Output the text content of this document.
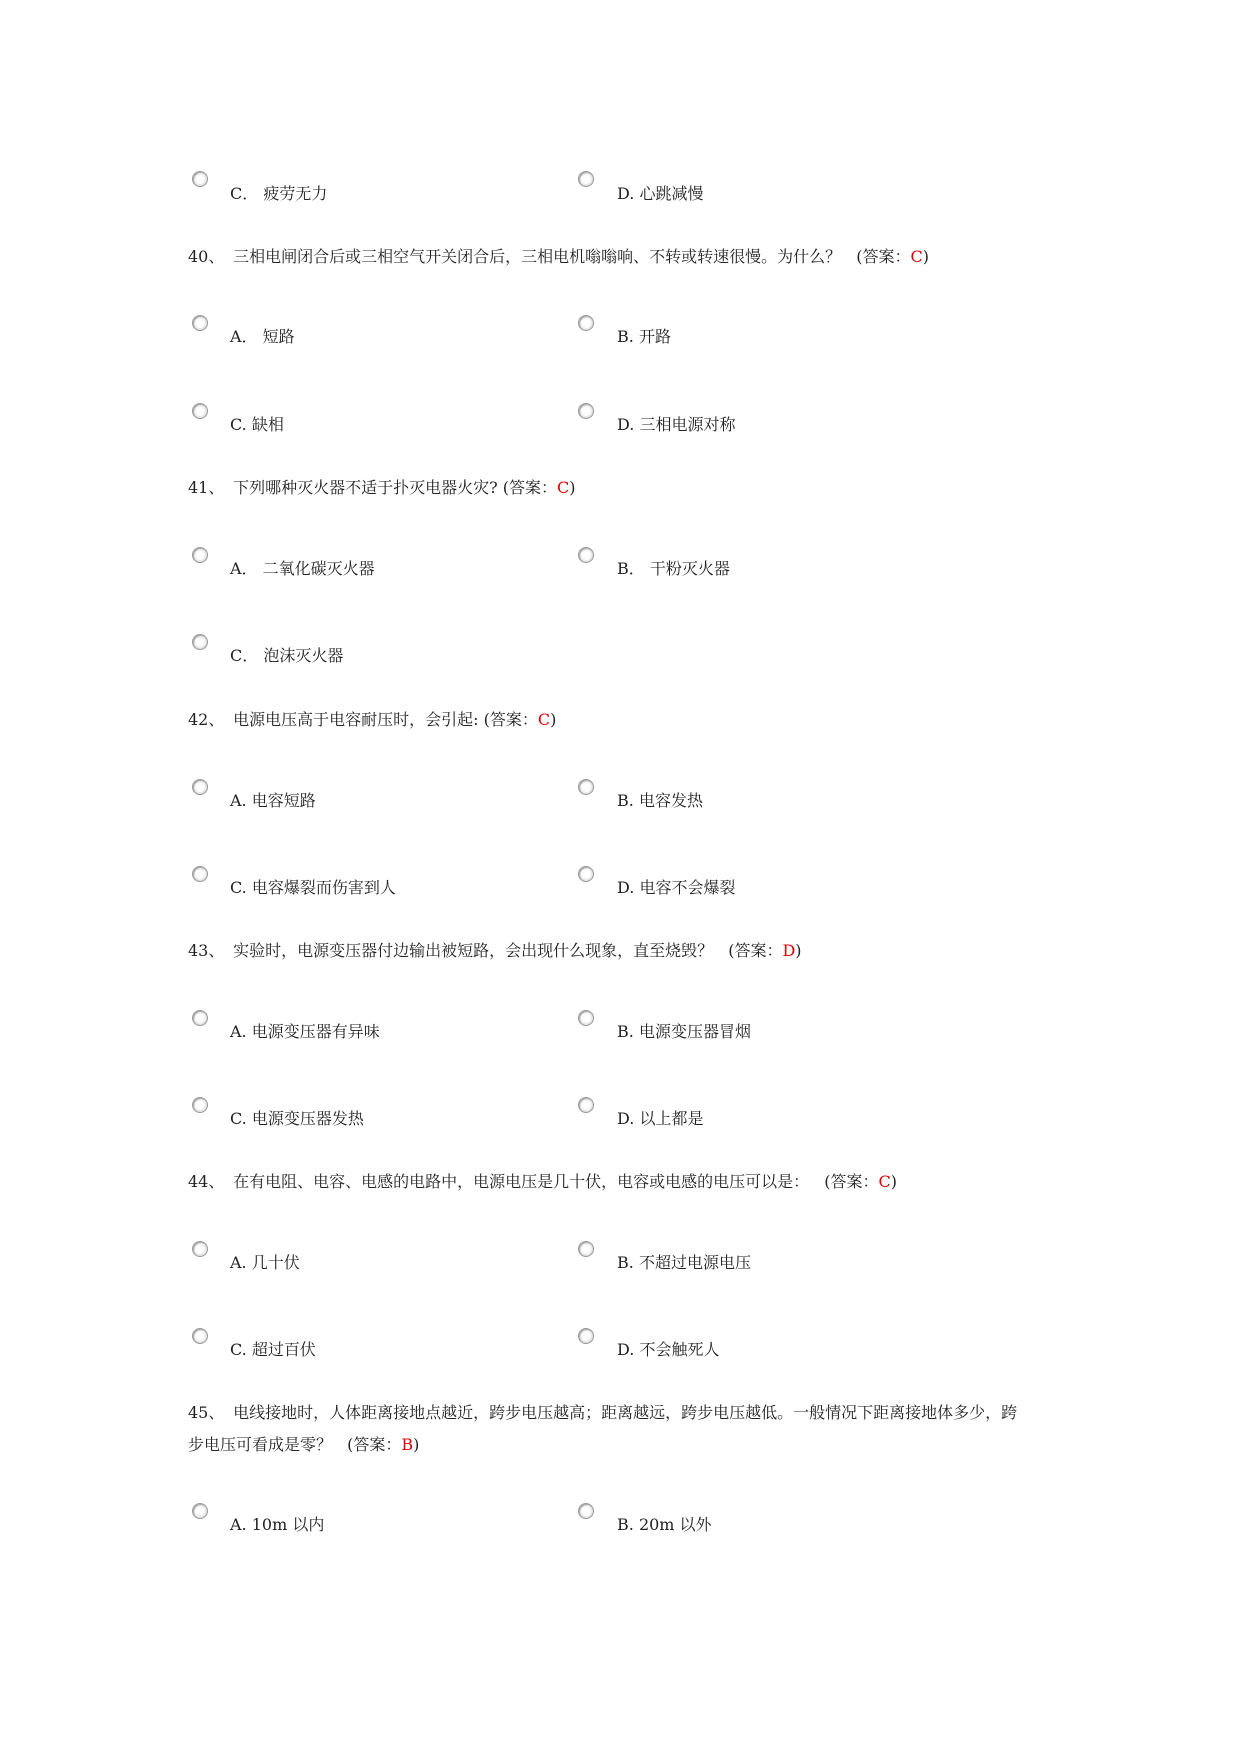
C． 疲劳无力	D. 心跳减慢
40、 三相电闸闭合后或三相空气开关闭合后，三相电机嗡嗡响、不转或转速很慢。为什么？ (答案：C)
A． 短路	B. 开路
C. 缺相	D. 三相电源对称
41、 下列哪种灭火器不适于扑灭电器火灾? (答案：C)
A． 二氧化碳灭火器	B． 干粉灭火器
C． 泡沫灭火器
42、 电源电压高于电容耐压时，会引起: (答案：C)
A. 电容短路	B. 电容发热
C. 电容爆裂而伤害到人	D. 电容不会爆裂
43、 实验时，电源变压器付边输出被短路，会出现什么现象，直至烧毁？ (答案：D)
A. 电源变压器有异味	B. 电源变压器冒烟
C. 电源变压器发热	D. 以上都是
44、 在有电阻、电容、电感的电路中，电源电压是几十伏，电容或电感的电压可以是： (答案：C)
A. 几十伏	B. 不超过电源电压
C. 超过百伏	D. 不会触死人
45、 电线接地时，人体距离接地点越近，跨步电压越高；距离越远，跨步电压越低。一般情况下距离接地体多少，跨
步电压可看成是零？ (答案：B)
A. 10m 以内	B. 20m 以外
